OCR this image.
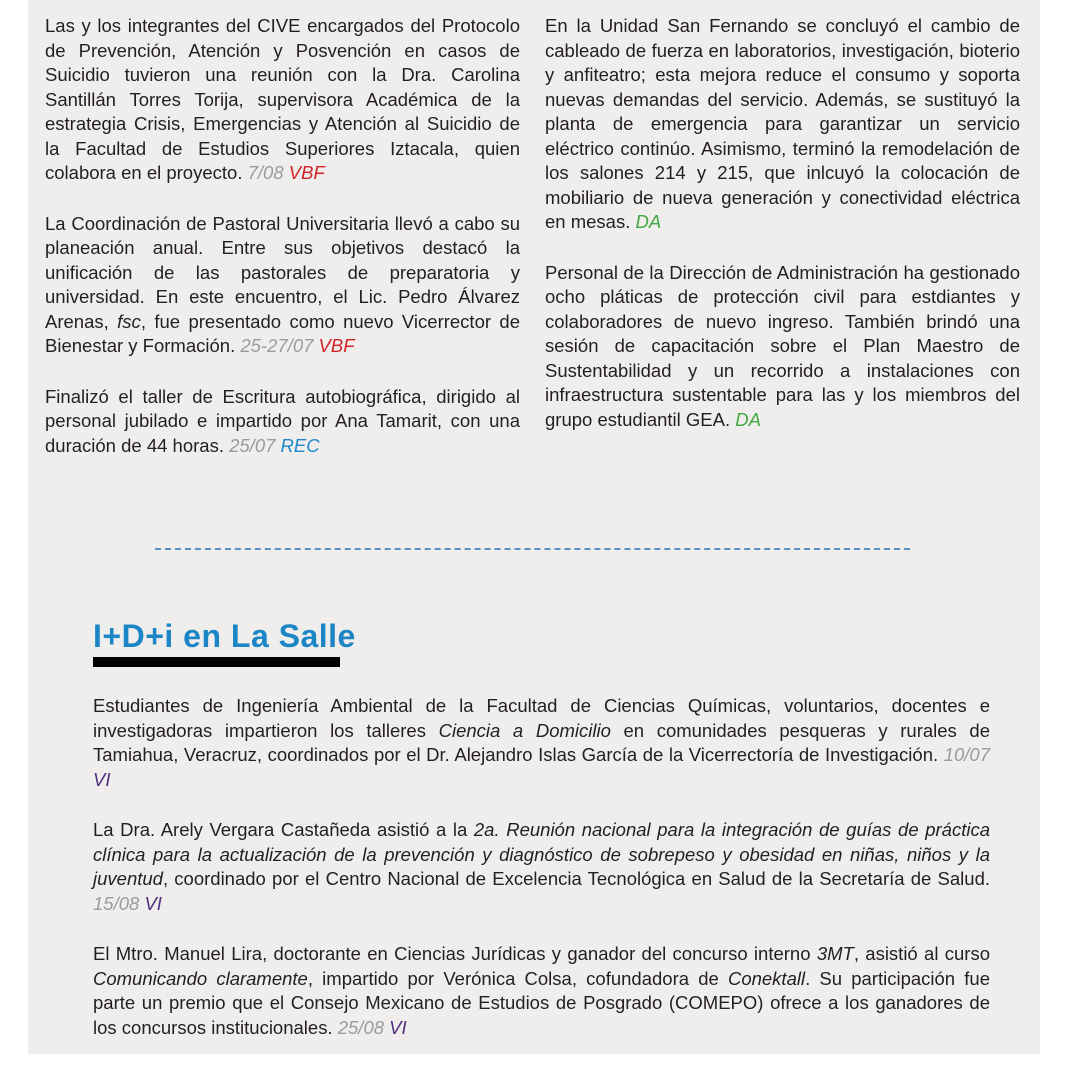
Las y los integrantes del CIVE encargados del Protocolo de Prevención, Atención y Posvención en casos de Suicidio tuvieron una reunión con la Dra. Carolina Santillán Torres Torija, supervisora Académica de la estrategia Crisis, Emergencias y Atención al Suicidio de la Facultad de Estudios Superiores Iztacala, quien colabora en el proyecto. 7/08 VBF

La Coordinación de Pastoral Universitaria llevó a cabo su planeación anual. Entre sus objetivos destacó la unificación de las pastorales de preparatoria y universidad. En este encuentro, el Lic. Pedro Álvarez Arenas, fsc, fue presentado como nuevo Vicerrector de Bienestar y Formación. 25-27/07 VBF

Finalizó el taller de Escritura autobiográfica, dirigido al personal jubilado e impartido por Ana Tamarit, con una duración de 44 horas. 25/07 REC

En la Unidad San Fernando se concluyó el cambio de cableado de fuerza en laboratorios, investigación, bioterio y anfiteatro; esta mejora reduce el consumo y soporta nuevas demandas del servicio. Además, se sustituyó la planta de emergencia para garantizar un servicio eléctrico continúo. Asimismo, terminó la remodelación de los salones 214 y 215, que inlcuyó la colocación de mobiliario de nueva generación y conectividad eléctrica en mesas. DA

Personal de la Dirección de Administración ha gestionado ocho pláticas de protección civil para estdiantes y colaboradores de nuevo ingreso. También brindó una sesión de capacitación sobre el Plan Maestro de Sustentabilidad y un recorrido a instalaciones con infraestructura sustentable para las y los miembros del grupo estudiantil GEA. DA

I+D+i en La Salle

Estudiantes de Ingeniería Ambiental de la Facultad de Ciencias Químicas, voluntarios, docentes e investigadoras impartieron los talleres Ciencia a Domicilio en comunidades pesqueras y rurales de Tamiahua, Veracruz, coordinados por el Dr. Alejandro Islas García de la Vicerrectoría de Investigación. 10/07 VI

La Dra. Arely Vergara Castañeda asistió a la 2a. Reunión nacional para la integración de guías de práctica clínica para la actualización de la prevención y diagnóstico de sobrepeso y obesidad en niñas, niños y la juventud, coordinado por el Centro Nacional de Excelencia Tecnológica en Salud de la Secretaría de Salud. 15/08 VI

El Mtro. Manuel Lira, doctorante en Ciencias Jurídicas y ganador del concurso interno 3MT, asistió al curso Comunicando claramente, impartido por Verónica Colsa, cofundadora de Conektall. Su participación fue parte un premio que el Consejo Mexicano de Estudios de Posgrado (COMEPO) ofrece a los ganadores de los concursos institucionales. 25/08 VI
